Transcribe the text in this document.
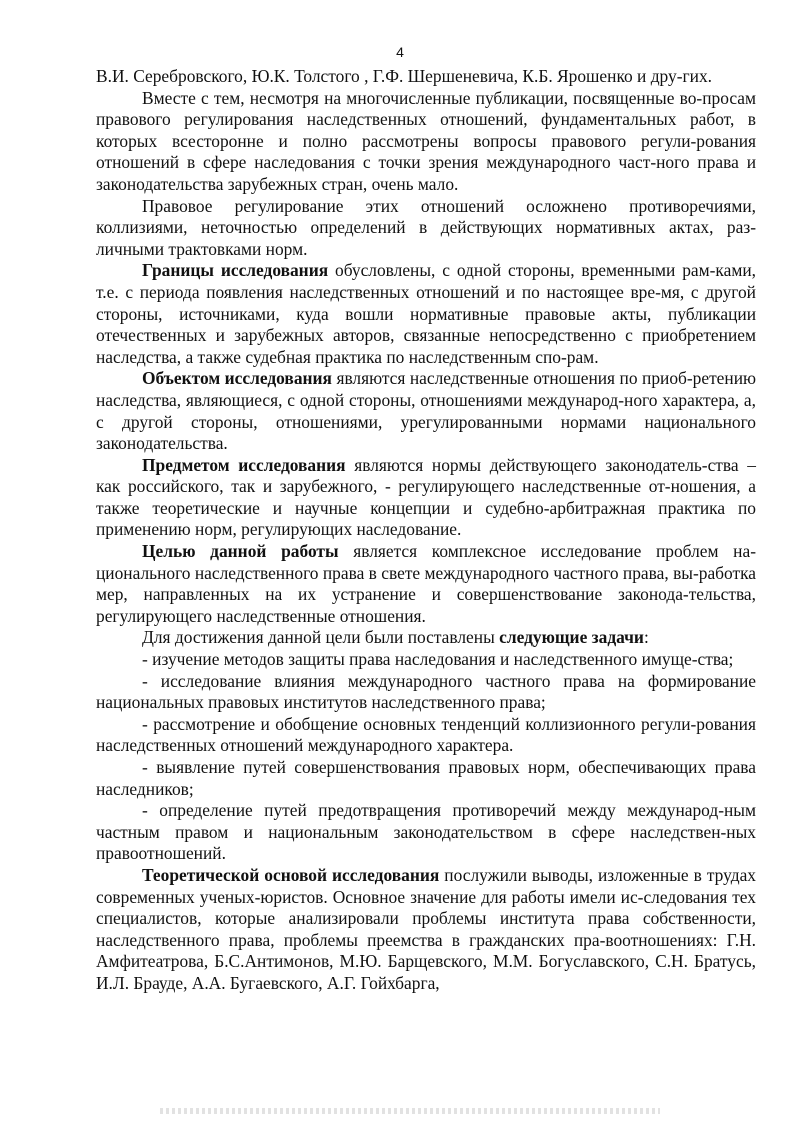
4

В.И. Серебровского, Ю.К. Толстого , Г.Ф. Шершеневича, К.Б. Ярошенко и дру-гих.

Вместе с тем, несмотря на многочисленные публикации, посвященные во-просам правового регулирования наследственных отношений, фундаментальных работ, в которых всесторонне и полно рассмотрены вопросы правового регули-рования отношений в сфере наследования с точки зрения международного част-ного права и законодательства зарубежных стран, очень мало.

Правовое регулирование этих отношений осложнено противоречиями, коллизиями, неточностью определений в действующих нормативных актах, раз-личными трактовками норм.

Границы исследования обусловлены, с одной стороны, временными рам-ками, т.е. с периода появления наследственных отношений и по настоящее вре-мя, с другой стороны, источниками, куда вошли нормативные правовые акты, публикации отечественных и зарубежных авторов, связанные непосредственно с приобретением наследства, а также судебная практика по наследственным спо-рам.

Объектом исследования являются наследственные отношения по приоб-ретению наследства, являющиеся, с одной стороны, отношениями международ-ного характера, а, с другой стороны, отношениями, урегулированными нормами национального законодательства.

Предметом исследования являются нормы действующего законодатель-ства – как российского, так и зарубежного, - регулирующего наследственные от-ношения, а также теоретические и научные концепции и судебно-арбитражная практика по применению норм, регулирующих наследование.

Целью данной работы является комплексное исследование проблем на-ционального наследственного права в свете международного частного права, вы-работка мер, направленных на их устранение и совершенствование законода-тельства, регулирующего наследственные отношения.

Для достижения данной цели были поставлены следующие задачи:

- изучение методов защиты права наследования и наследственного имуще-ства;

- исследование влияния международного частного права на формирование национальных правовых институтов наследственного права;

- рассмотрение и обобщение основных тенденций коллизионного регули-рования наследственных отношений международного характера.

- выявление путей совершенствования правовых норм, обеспечивающих права наследников;

- определение путей предотвращения противоречий между международ-ным частным правом и национальным законодательством в сфере наследствен-ных правоотношений.

Теоретической основой исследования послужили выводы, изложенные в трудах современных ученых-юристов. Основное значение для работы имели ис-следования тех специалистов, которые анализировали проблемы института права собственности, наследственного права, проблемы преемства в гражданских пра-воотношениях: Г.Н. Амфитеатрова, Б.С.Антимонов, М.Ю. Барщевского, М.М. Богуславского, С.Н. Братусь, И.Л. Брауде, А.А. Бугаевского, А.Г. Гойхбарга,
